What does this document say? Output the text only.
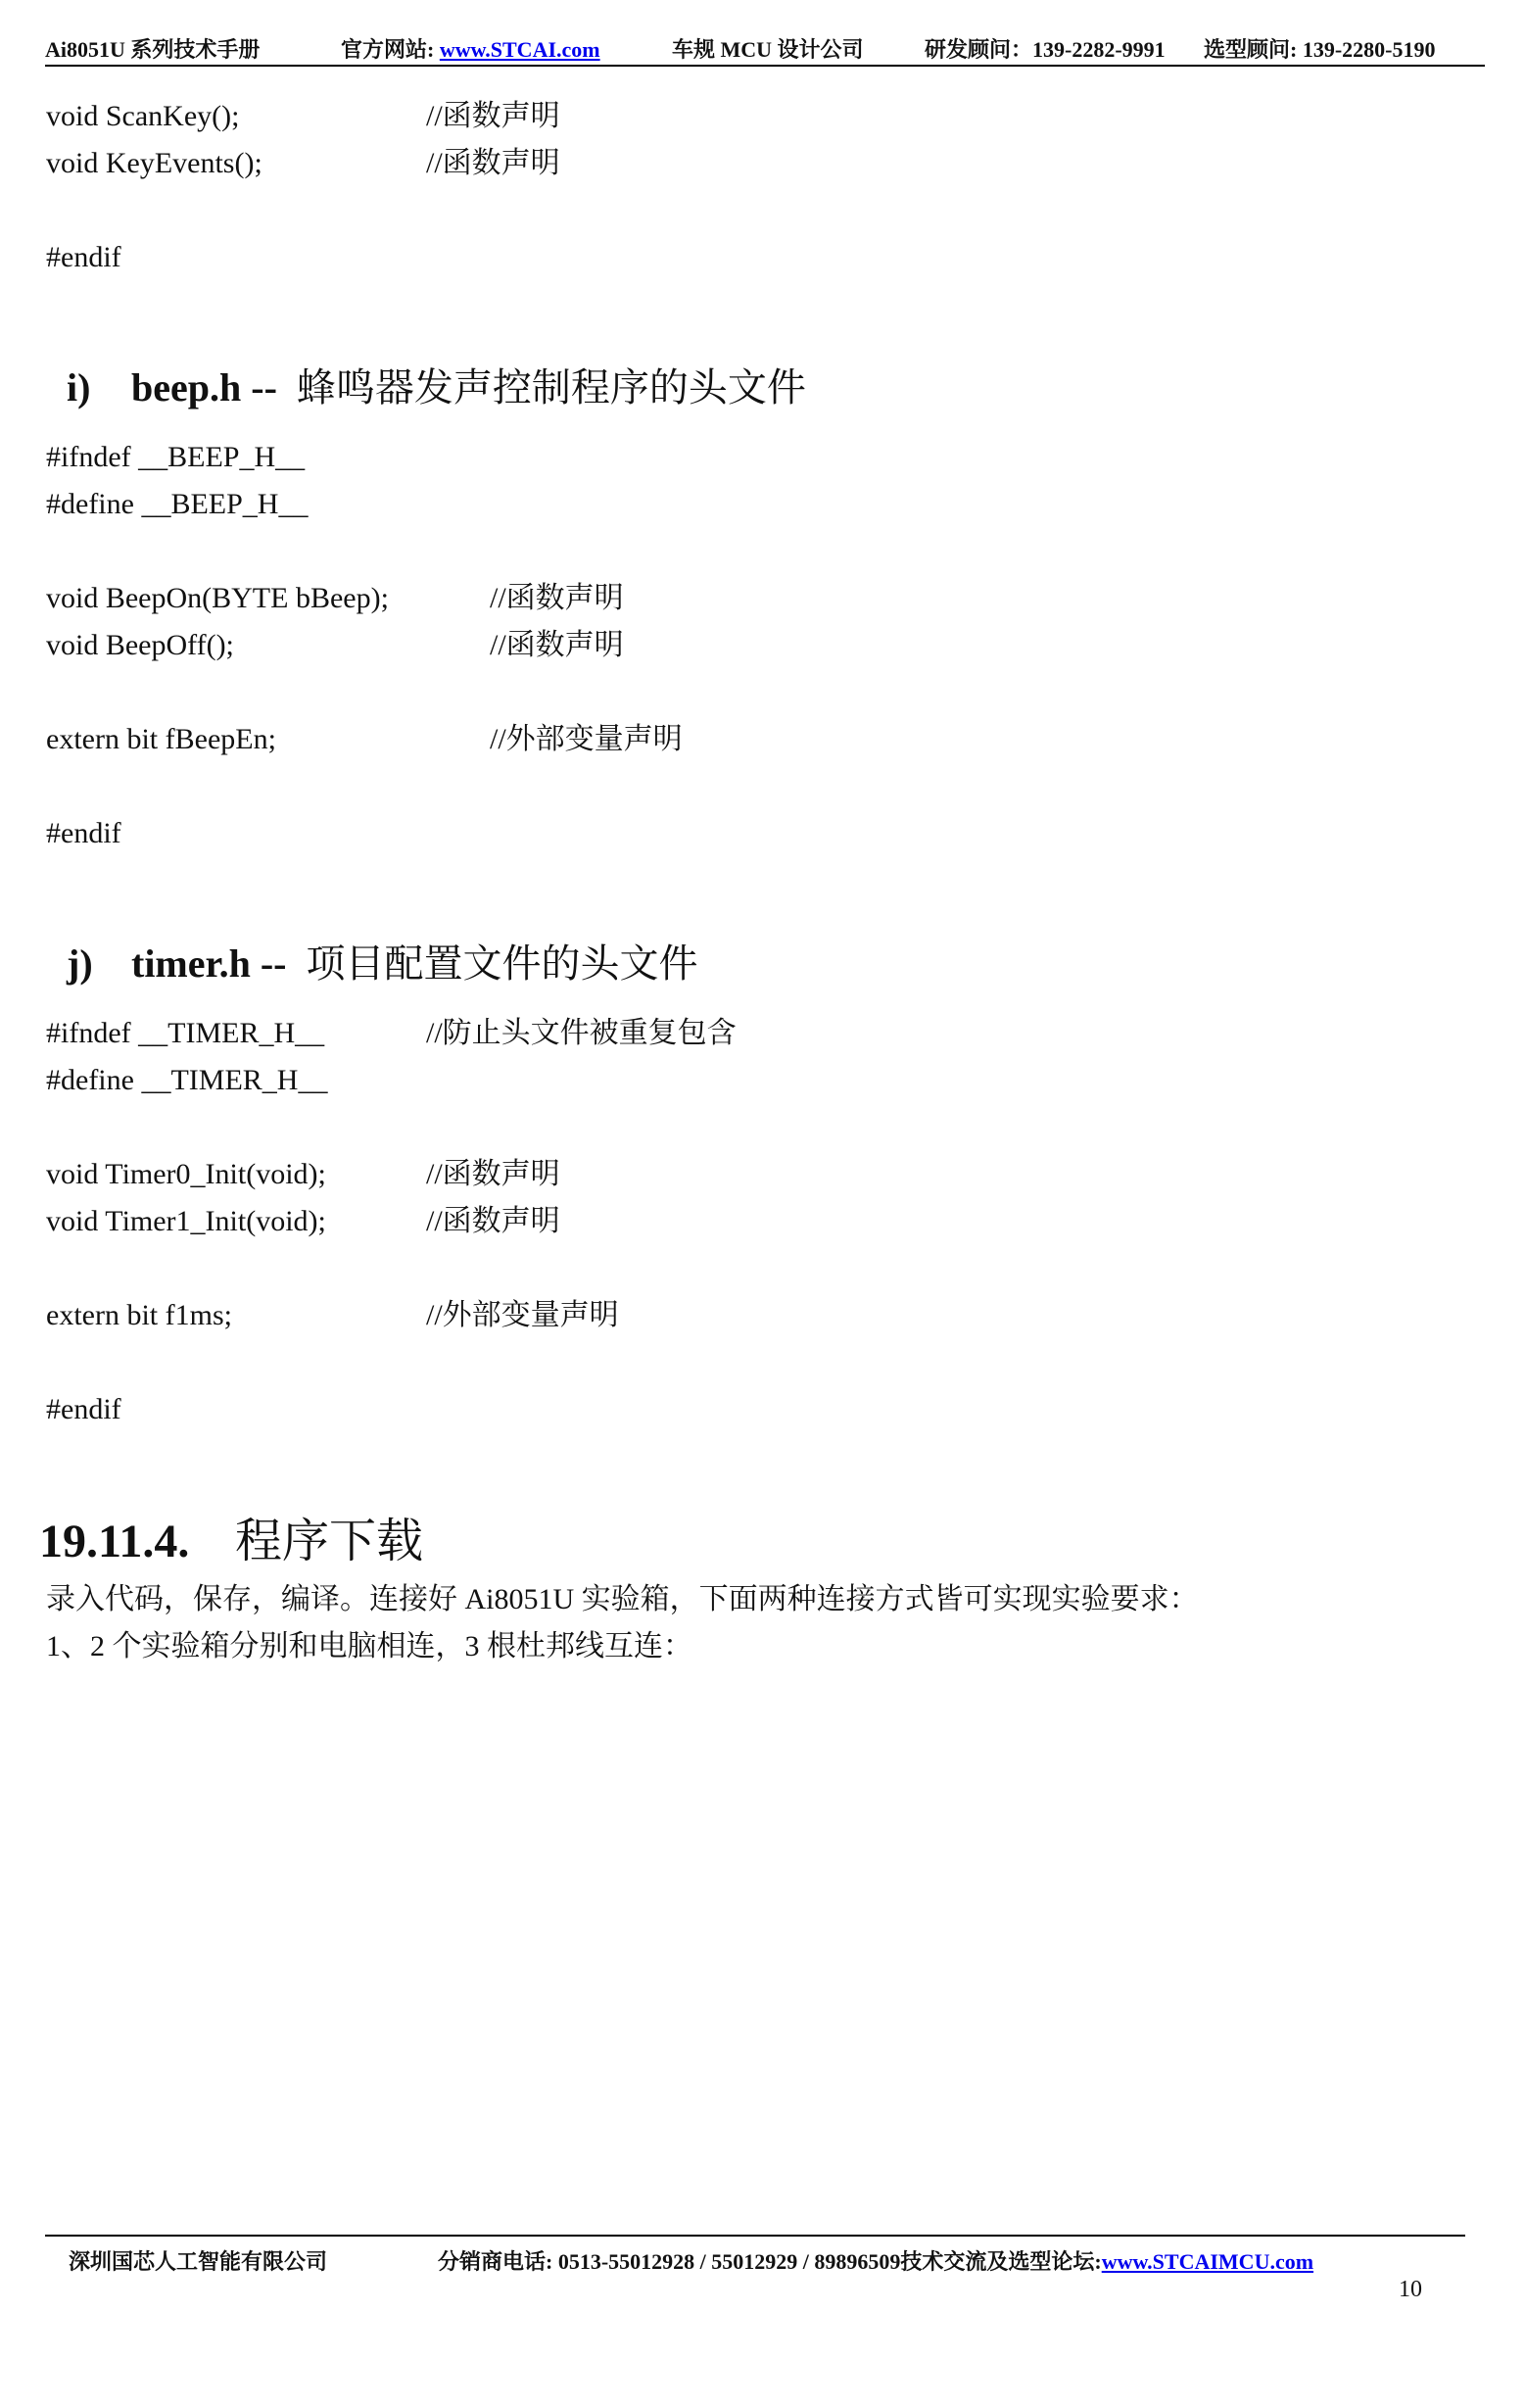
Ai8051U 系列技术手册	官方网站: www.STCAI.com	车规 MCU 设计公司	研发顾问：139-2282-9991 选型顾问: 139-2280-5190
void ScanKey();	//函数声明
void KeyEvents();	//函数声明
#endif
i) beep.h -- 蜂鸣器发声控制程序的头文件
#ifndef __BEEP_H__
#define __BEEP_H__
void BeepOn(BYTE bBeep);	//函数声明
void BeepOff();	//函数声明
extern bit fBeepEn;	//外部变量声明
#endif
j) timer.h -- 项目配置文件的头文件
#ifndef __TIMER_H__	//防止头文件被重复包含
#define __TIMER_H__
void Timer0_Init(void);	//函数声明
void Timer1_Init(void);	//函数声明
extern bit f1ms;	//外部变量声明
#endif
19.11.4. 程序下载
录入代码，保存，编译。连接好 Ai8051U 实验箱，下面两种连接方式皆可实现实验要求：
1、2 个实验箱分别和电脑相连，3 根杜邦线互连：
深圳国芯人工智能有限公司	分销商电话: 0513-55012928 / 55012929 / 89896509技术交流及选型论坛:www.STCAIMCU.com
10
